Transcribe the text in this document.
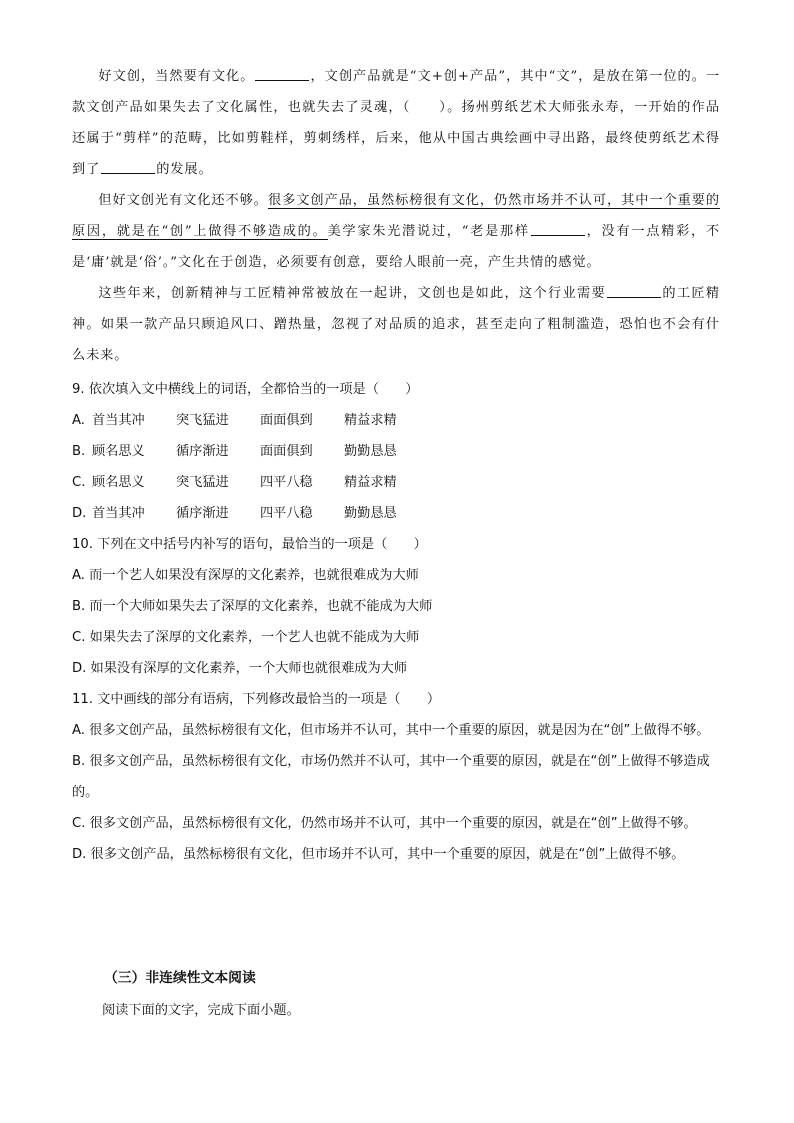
好文创，当然要有文化。	，文创产品就是“文+创+产品”，其中“文”，是放在第一位的。一款文创产品如果失去了文化属性，也就失去了灵魂，（　　）。扬州剪纸艺术大师张永寿，一开始的作品还属于“剪样”的范畴，比如剪鞋样，剪刺绣样，后来，他从中国古典绘画中寻出路，最终使剪纸艺术得到了	的发展。

但好文创光有文化还不够。很多文创产品，虽然标榜很有文化，仍然市场并不认可，其中一个重要的原因，就是在“创”上做得不够造成的。美学家朱光潜说过，“老是那样	，没有一点精彩，不是‘庸’就是‘俗’。”文化在于创造，必须要有创意，要给人眼前一亮，产生共情的感觉。

这些年来，创新精神与工匠精神常被放在一起讲，文创也是如此，这个行业需要	的工匠精神。如果一款产品只顾追风口、蹭热量，忽视了对品质的追求，甚至走向了粗制滥造，恐怕也不会有什么未来。

9. 依次填入文中横线上的词语，全都恰当的一项是（　　）

A. 首当其冲 突飞猛进 面面俱到 精益求精

B. 顾名思义 循序渐进 面面俱到 勤勤恳恳

C. 顾名思义 突飞猛进 四平八稳 精益求精

D. 首当其冲 循序渐进 四平八稳 勤勤恳恳

10. 下列在文中括号内补写的语句，最恰当的一项是（　　）

A. 而一个艺人如果没有深厚的文化素养，也就很难成为大师

B. 而一个大师如果失去了深厚的文化素养，也就不能成为大师

C. 如果失去了深厚的文化素养，一个艺人也就不能成为大师

D. 如果没有深厚的文化素养，一个大师也就很难成为大师

11. 文中画线的部分有语病，下列修改最恰当的一项是（　　）

A. 很多文创产品，虽然标榜很有文化，但市场并不认可，其中一个重要的原因，就是因为在“创”上做得不够。

B. 很多文创产品，虽然标榜很有文化，市场仍然并不认可，其中一个重要的原因，就是在“创”上做得不够造成的。

C. 很多文创产品，虽然标榜很有文化，仍然市场并不认可，其中一个重要的原因，就是在“创”上做得不够。

D. 很多文创产品，虽然标榜很有文化，但市场并不认可，其中一个重要的原因，就是在“创”上做得不够。

（三）非连续性文本阅读
阅读下面的文字，完成下面小题。
